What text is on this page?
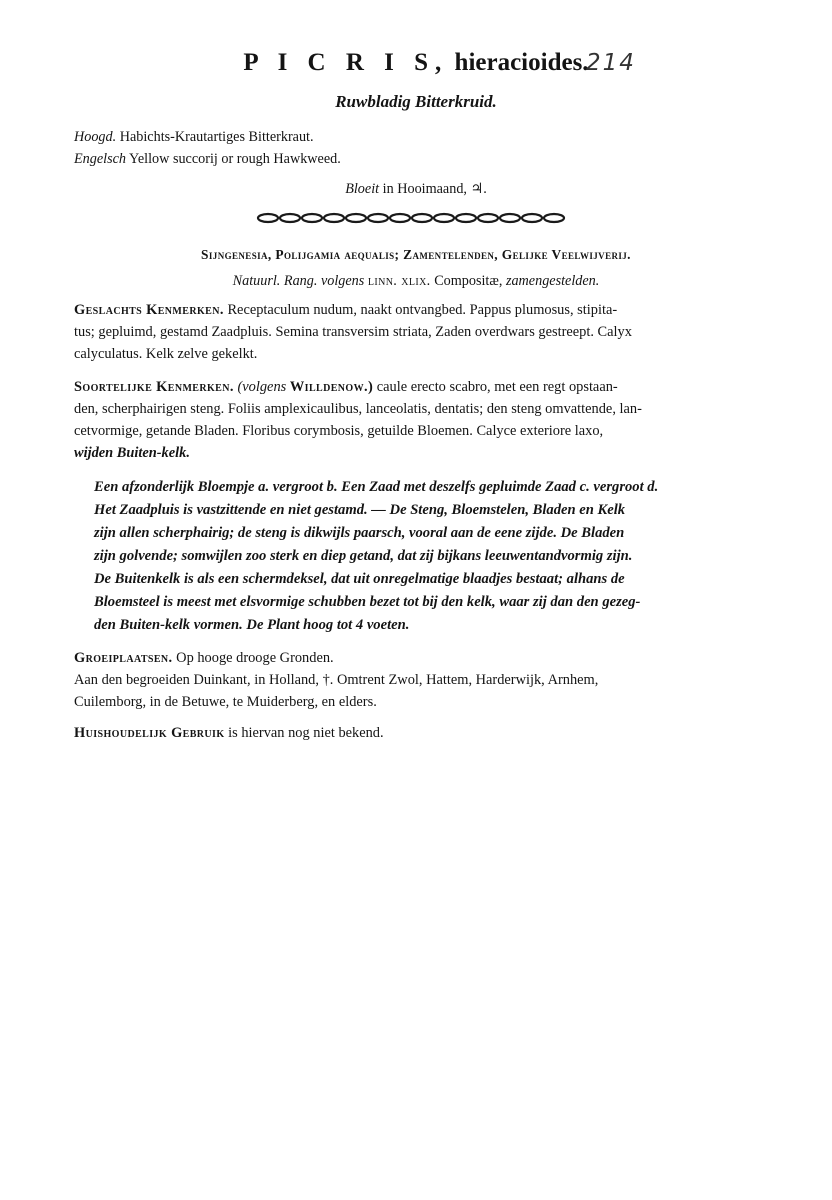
P I C R I S, hieracioides.
214
Ruwbladig Bitterkruid.
Hoogd. Habichts-Krautartiges Bitterkraut.
Engelsch Yellow succorij or rough Hawkweed.
Bloeit in Hooimaand, ♃.
Sijngenesia, Polijgamia aequalis; Zamentelenden, Gelijke Veelwijverij.
Natuurl. Rang. volgens linn. xlix. Compositæ, zamengestelden.
Geslachts Kenmerken. Receptaculum nudum, naakt ontvangbed. Pappus plumosus, stipita-
tus; gepluimd, gestamd Zaadpluis. Semina transversim striata, Zaden overdwars gestreept. Calyx
calyculatus. Kelk zelve gekelkt.
Soortelijke Kenmerken. (volgens Willdenow.) caule erecto scabro, met een regt opstaan-
den, scherphairigen steng. Foliis amplexicaulibus, lanceolatis, dentatis; den steng omvattende, lan-
cetvormige, getande Bladen. Floribus corymbosis, getuilde Bloemen. Calyce exteriore laxo,
wijden Buiten-kelk.
Een afzonderlijk Bloempje a. vergroot b. Een Zaad met deszelfs gepluimde Zaad c. vergroot d.
Het Zaadpluis is vastzittende en niet gestamd. — De Steng, Bloemstelen, Bladen en Kelk
zijn allen scherphairig; de steng is dikwijls paarsch, vooral aan de eene zijde. De Bladen
zijn golvende; somwijlen zoo sterk en diep getand, dat zij bijkans leeuwentandvormig zijn.
De Buitenkelk is als een schermdeksel, dat uit onregelmatige blaadjes bestaat; alhans de
Bloemsteel is meest met elsvormige schubben bezet tot bij den kelk, waar zij dan den gezeg-
den Buiten-kelk vormen. De Plant hoog tot 4 voeten.
Groeiplaatsen. Op hooge drooge Gronden.
Aan den begroeiden Duinkant, in Holland, †. Omtrent Zwol, Hattem, Harderwijk, Arnhem,
Cuilemborg, in de Betuwe, te Muiderberg, en elders.
Huishoudelijk Gebruik is hiervan nog niet bekend.
